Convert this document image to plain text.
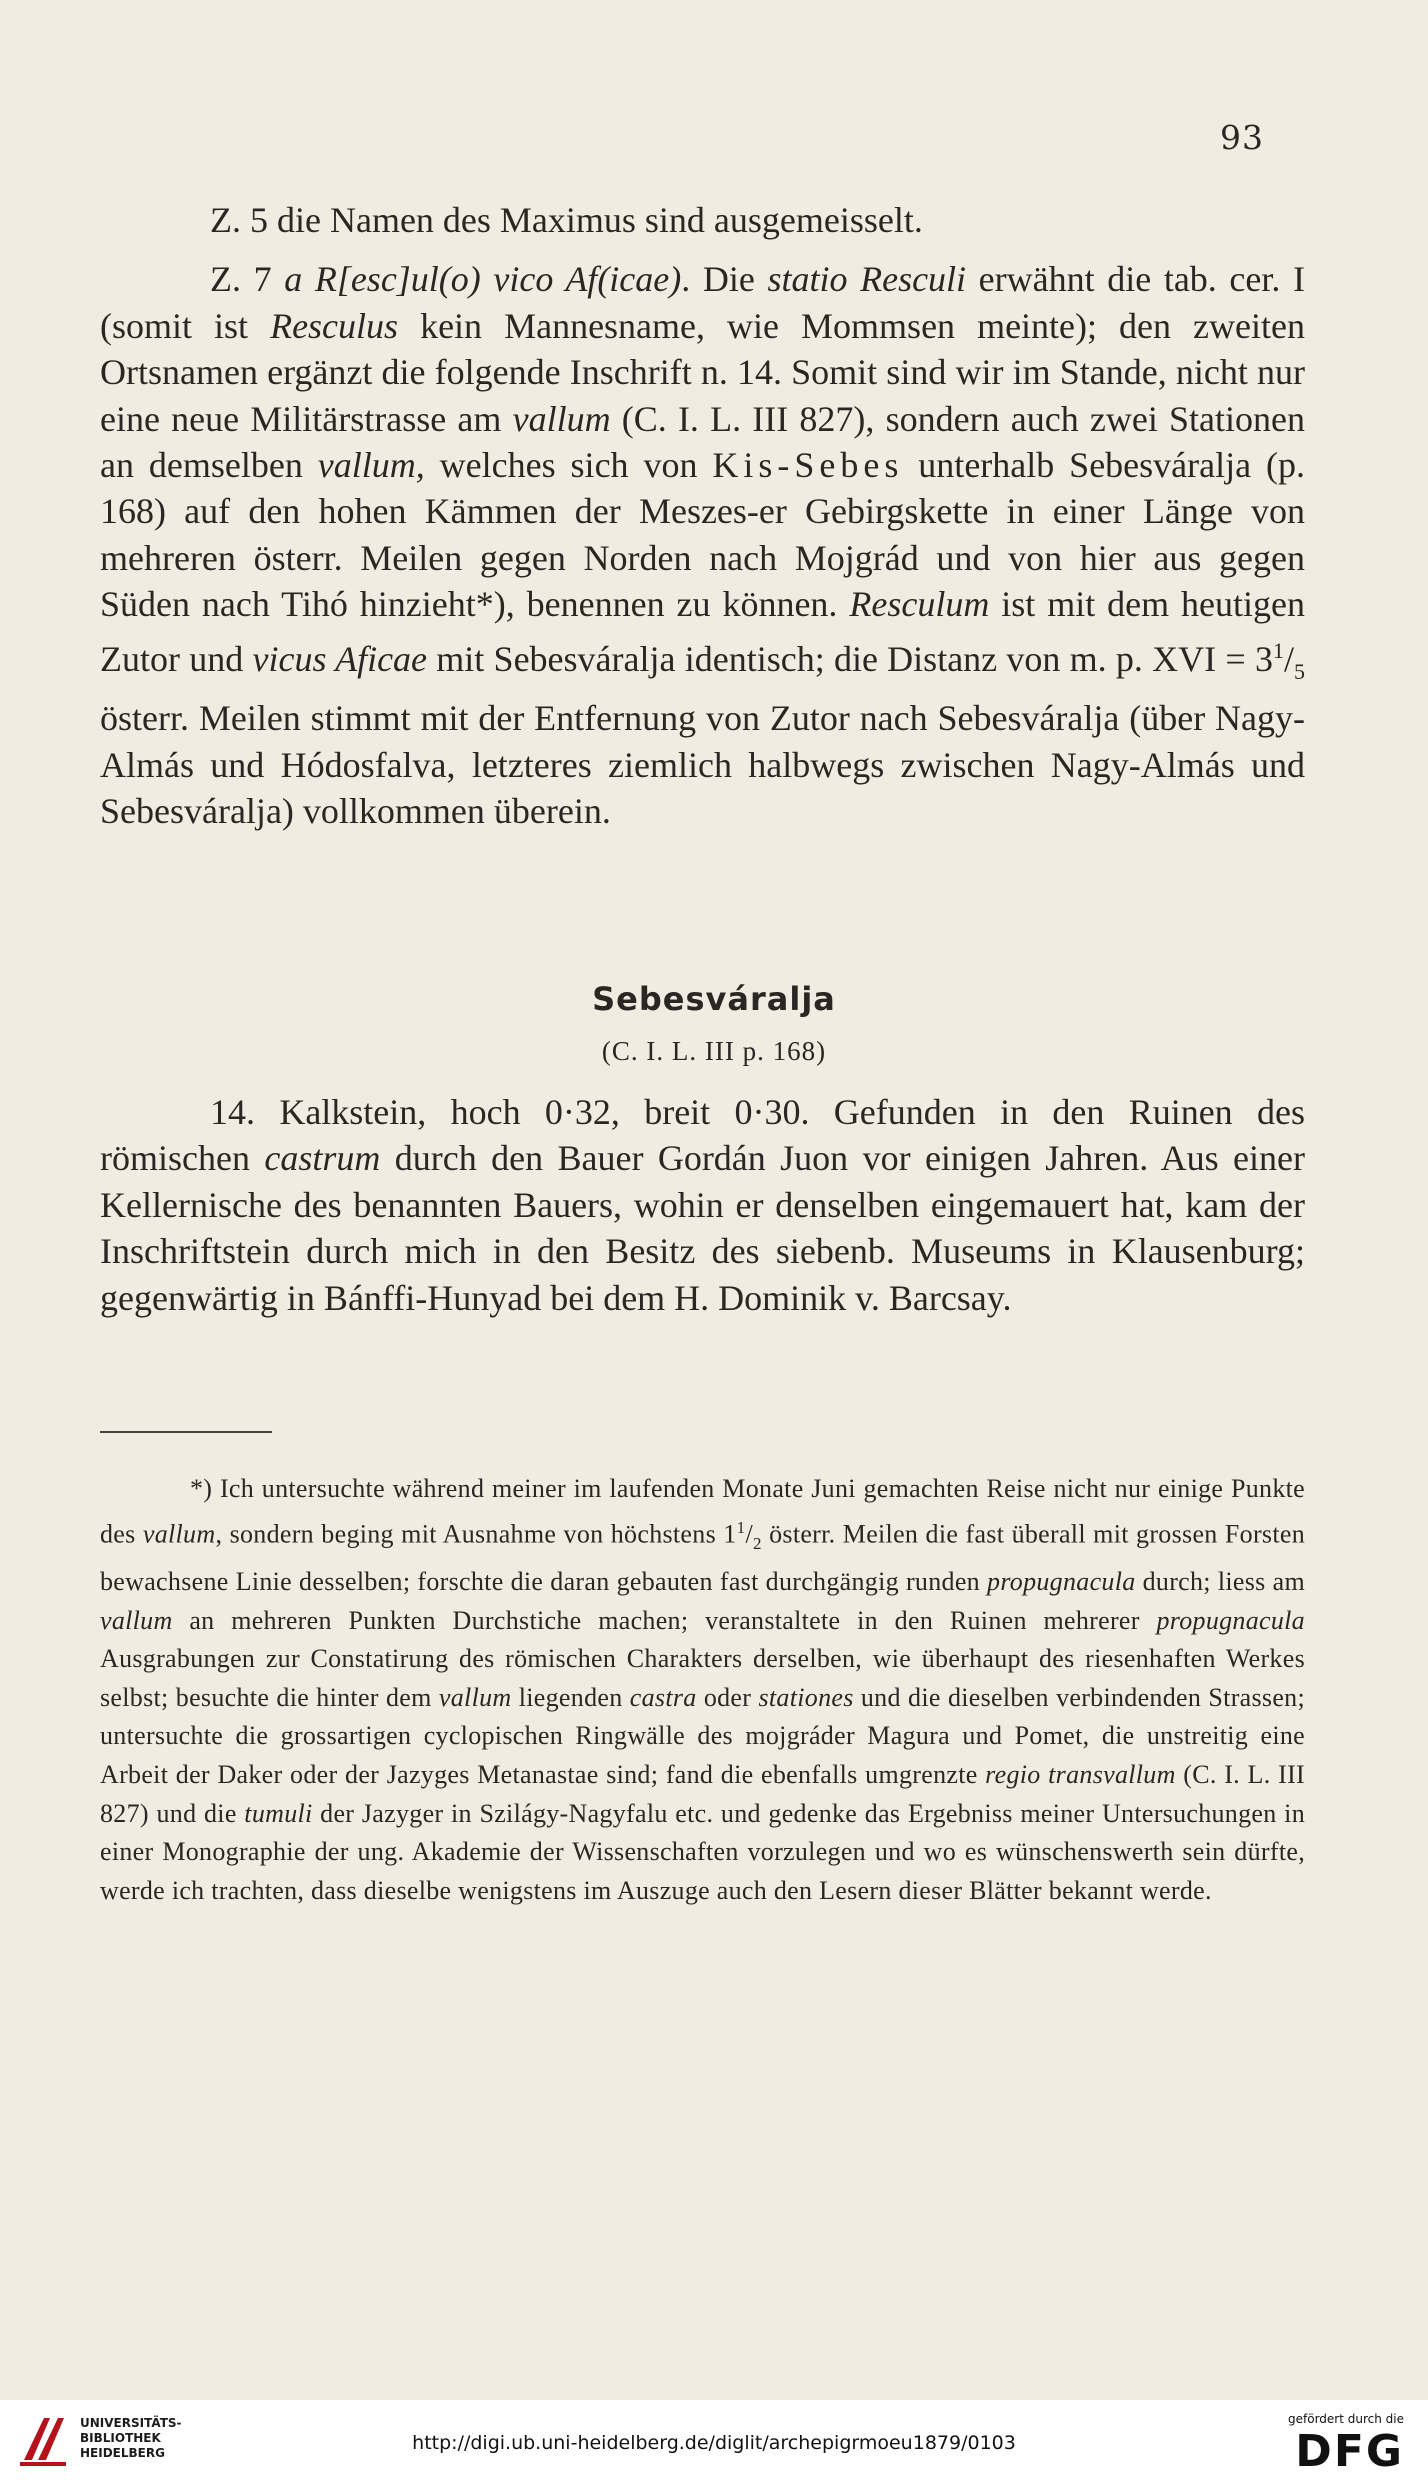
93

Z. 5 die Namen des Maximus sind ausgemeisselt.

Z. 7 a R[esc]ul(o) vico Af(icae). Die statio Resculi erwähnt die tab. cer. I (somit ist Resculus kein Mannesname, wie Mommsen meinte); den zweiten Ortsnamen ergänzt die folgende Inschrift n. 14. Somit sind wir im Stande, nicht nur eine neue Militärstrasse am vallum (C. I. L. III 827), sondern auch zwei Stationen an demselben vallum, welches sich von Kis-Sebes unterhalb Sebesváralja (p. 168) auf den hohen Kämmen der Meszes-er Gebirgskette in einer Länge von mehreren österr. Meilen gegen Norden nach Mojgrád und von hier aus gegen Süden nach Tihó hinzieht*), benennen zu können. Resculum ist mit dem heutigen Zutor und vicus Aficae mit Sebesváralja identisch; die Distanz von m. p. XVI = $3^1/_5$ österr. Meilen stimmt mit der Entfernung von Zutor nach Sebesváralja (über Nagy-Almás und Hódosfalva, letzteres ziemlich halbwegs zwischen Nagy-Almás und Sebesváralja) vollkommen überein.

Sebesváralja
(C. I. L. III p. 168)

14. Kalkstein, hoch 0·32, breit 0·30. Gefunden in den Ruinen des römischen castrum durch den Bauer Gordán Juon vor einigen Jahren. Aus einer Kellernische des benannten Bauers, wohin er denselben eingemauert hat, kam der Inschriftstein durch mich in den Besitz des siebenb. Museums in Klausenburg; gegenwärtig in Bánffi-Hunyad bei dem H. Dominik v. Barcsay.

*) Ich untersuchte während meiner im laufenden Monate Juni gemachten Reise nicht nur einige Punkte des vallum, sondern beging mit Ausnahme von höchstens $1^1/_2$ österr. Meilen die fast überall mit grossen Forsten bewachsene Linie desselben; forschte die daran gebauten fast durchgängig runden propugnacula durch; liess am vallum an mehreren Punkten Durchstiche machen; veranstaltete in den Ruinen mehrerer propugnacula Ausgrabungen zur Constatirung des römischen Charakters derselben, wie überhaupt des riesenhaften Werkes selbst; besuchte die hinter dem vallum liegenden castra oder stationes und die dieselben verbindenden Strassen; untersuchte die grossartigen cyclopischen Ringwälle des mojgráder Magura und Pomet, die unstreitig eine Arbeit der Daker oder der Jazyges Metanastae sind; fand die ebenfalls umgrenzte regio transvallum (C. I. L. III 827) und die tumuli der Jazyger in Szilágy-Nagyfalu etc. und gedenke das Ergebniss meiner Untersuchungen in einer Monographie der ung. Akademie der Wissenschaften vorzulegen und wo es wünschenswerth sein dürfte, werde ich trachten, dass dieselbe wenigstens im Auszuge auch den Lesern dieser Blätter bekannt werde.

UNIVERSITÄTS-
BIBLIOTHEK
HEIDELBERG	http://digi.ub.uni-heidelberg.de/diglit/archepigrmoeu1879/0103
gefördert durch die
DFG
